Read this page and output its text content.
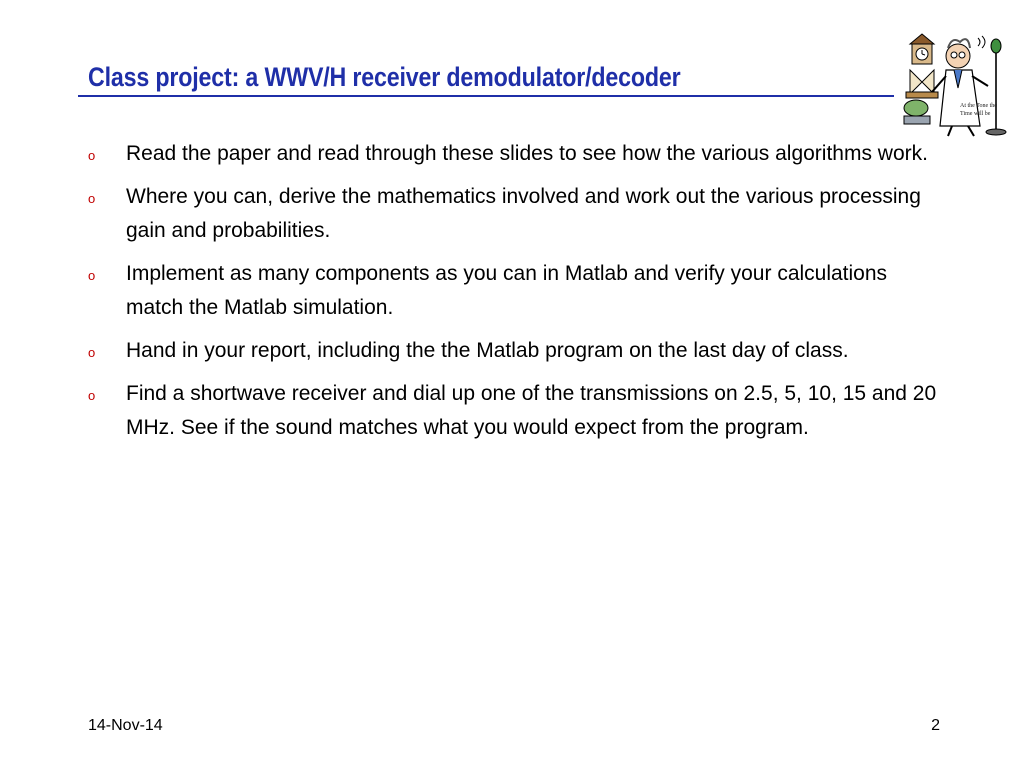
Class project: a WWV/H receiver demodulator/decoder
At the Tone the
Time will be
o Read the paper and read through these slides to see how the various algorithms work.
o Where you can, derive the mathematics involved and work out the various processing gain and probabilities.
o Implement as many components as you can in Matlab and verify your calculations match the Matlab simulation.
o Hand in your report, including the the Matlab program on the last day of class.
o Find a shortwave receiver and dial up one of the transmissions on 2.5, 5, 10, 15 and 20 MHz. See if the sound matches what you would expect from the program.
14-Nov-14	2
